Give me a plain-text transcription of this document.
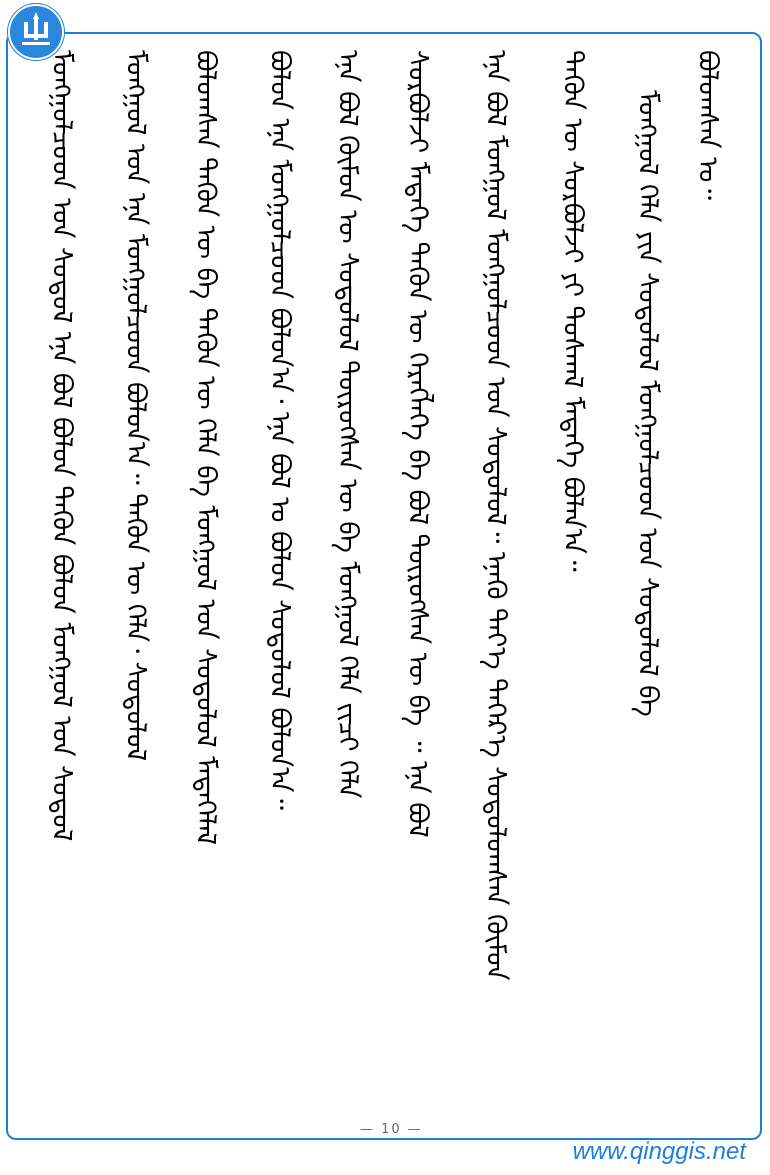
ᠪᠣᠯᠤᠭᠰᠠᠨ ᠤ᠃
ᠮᠣᠩᠭᠣᠯ ᠬᠡᠯᠡ ᠶᠢᠨ ᠰᠤᠳᠤᠯᠤᠯ ᠮᠣᠩᠭᠣᠯᠴᠤᠳ ᠤᠨ ᠰᠤᠳᠤᠯᠤᠯ ᠪᠠ
ᠲᠡᠭᠦᠨ ᠦ ᠰᠤᠷᠪᠤᠯᠵᠢ ᠶᠢ ᠲᠤᠰᠬᠠᠯ ᠮᠡᠳᠡᠭᠡ ᠪᠣᠯᠠᠨ᠎ᠠ᠃
ᠡᠨᠡ ᠪᠣᠯ ᠮᠣᠩᠭᠣᠯ ᠮᠣᠩᠭᠣᠯᠴᠤᠳ ᠤᠨ ᠰᠤᠳᠤᠯᠤᠯ᠃ ᠡᠨᠡᠬᠦ ᠲᠡᠶ᠎ᠡ ᠳᠡᠭᠡᠷ᠎ᠡ ᠰᠤᠳᠤᠯᠤᠭᠰᠠᠨ ᠬᠥᠮᠦᠨ
ᠰᠤᠷᠪᠤᠯᠵᠢ ᠮᠡᠳᠡᠭᠡ ᠲᠡᠭᠦᠨ ᠦ ᠬᠡᠷᠡᠭᠯᠡᠭᠡ ᠪᠠ ᠪᠣᠯ ᠲᠦᠷᠦᠭᠰᠡᠨ ᠦ ᠪᠠ ᠃ ᠡᠨᠡ ᠪᠣᠯ
ᠡᠨᠡ ᠪᠣᠯ ᠬᠥᠮᠦᠨ ᠦ ᠰᠤᠳᠤᠯᠤᠯ ᠲᠦᠷᠦᠭᠰᠡᠨ ᠦ ᠪᠠ ᠮᠣᠩᠭᠣᠯ ᠬᠡᠯᠡ ᠵᠢᠴᠢ ᠬᠡᠯᠡ
ᠪᠣᠯᠤᠨ ᠡᠨᠡ ᠮᠣᠩᠭᠣᠯᠴᠤᠳ ᠪᠣᠯᠤᠨ᠎ᠠ᠂ ᠡᠨᠡ ᠪᠣᠯ ᠤ ᠪᠣᠯᠤᠨ ᠰᠤᠳᠤᠯᠤᠯ ᠪᠣᠯᠤᠨ᠎ᠠ᠃
ᠪᠣᠯᠤᠭᠰᠠᠨ ᠲᠡᠭᠦᠨ ᠦ ᠪᠠ ᠲᠡᠭᠦᠨ ᠦ ᠬᠡᠯᠡ ᠪᠠ ᠮᠣᠩᠭᠣᠯ ᠤᠨ ᠰᠤᠳᠤᠯᠤᠯ ᠮᠡᠳᠡᠭᠡᠯᠡᠯ
ᠮᠣᠩᠭᠣᠯ ᠤᠨ ᠡᠨᠡ ᠮᠣᠩᠭᠣᠯᠴᠤᠳ ᠪᠣᠯᠤᠨ᠎ᠠ᠃ ᠲᠡᠭᠦᠨ ᠦ ᠬᠡᠯᠡ᠂ ᠰᠤᠳᠤᠯᠤᠯ
ᠮᠣᠩᠭᠣᠯᠴᠤᠳ ᠤᠨ ᠰᠤᠳᠤᠯ ᠡᠨᠡ ᠪᠣᠯ ᠪᠣᠯᠤᠨ ᠲᠡᠭᠦᠨ ᠪᠣᠯᠤᠨ ᠮᠣᠩᠭᠣᠯ ᠤᠨ ᠰᠤᠳᠤᠯ
— 10 —
www.qinggis.net
